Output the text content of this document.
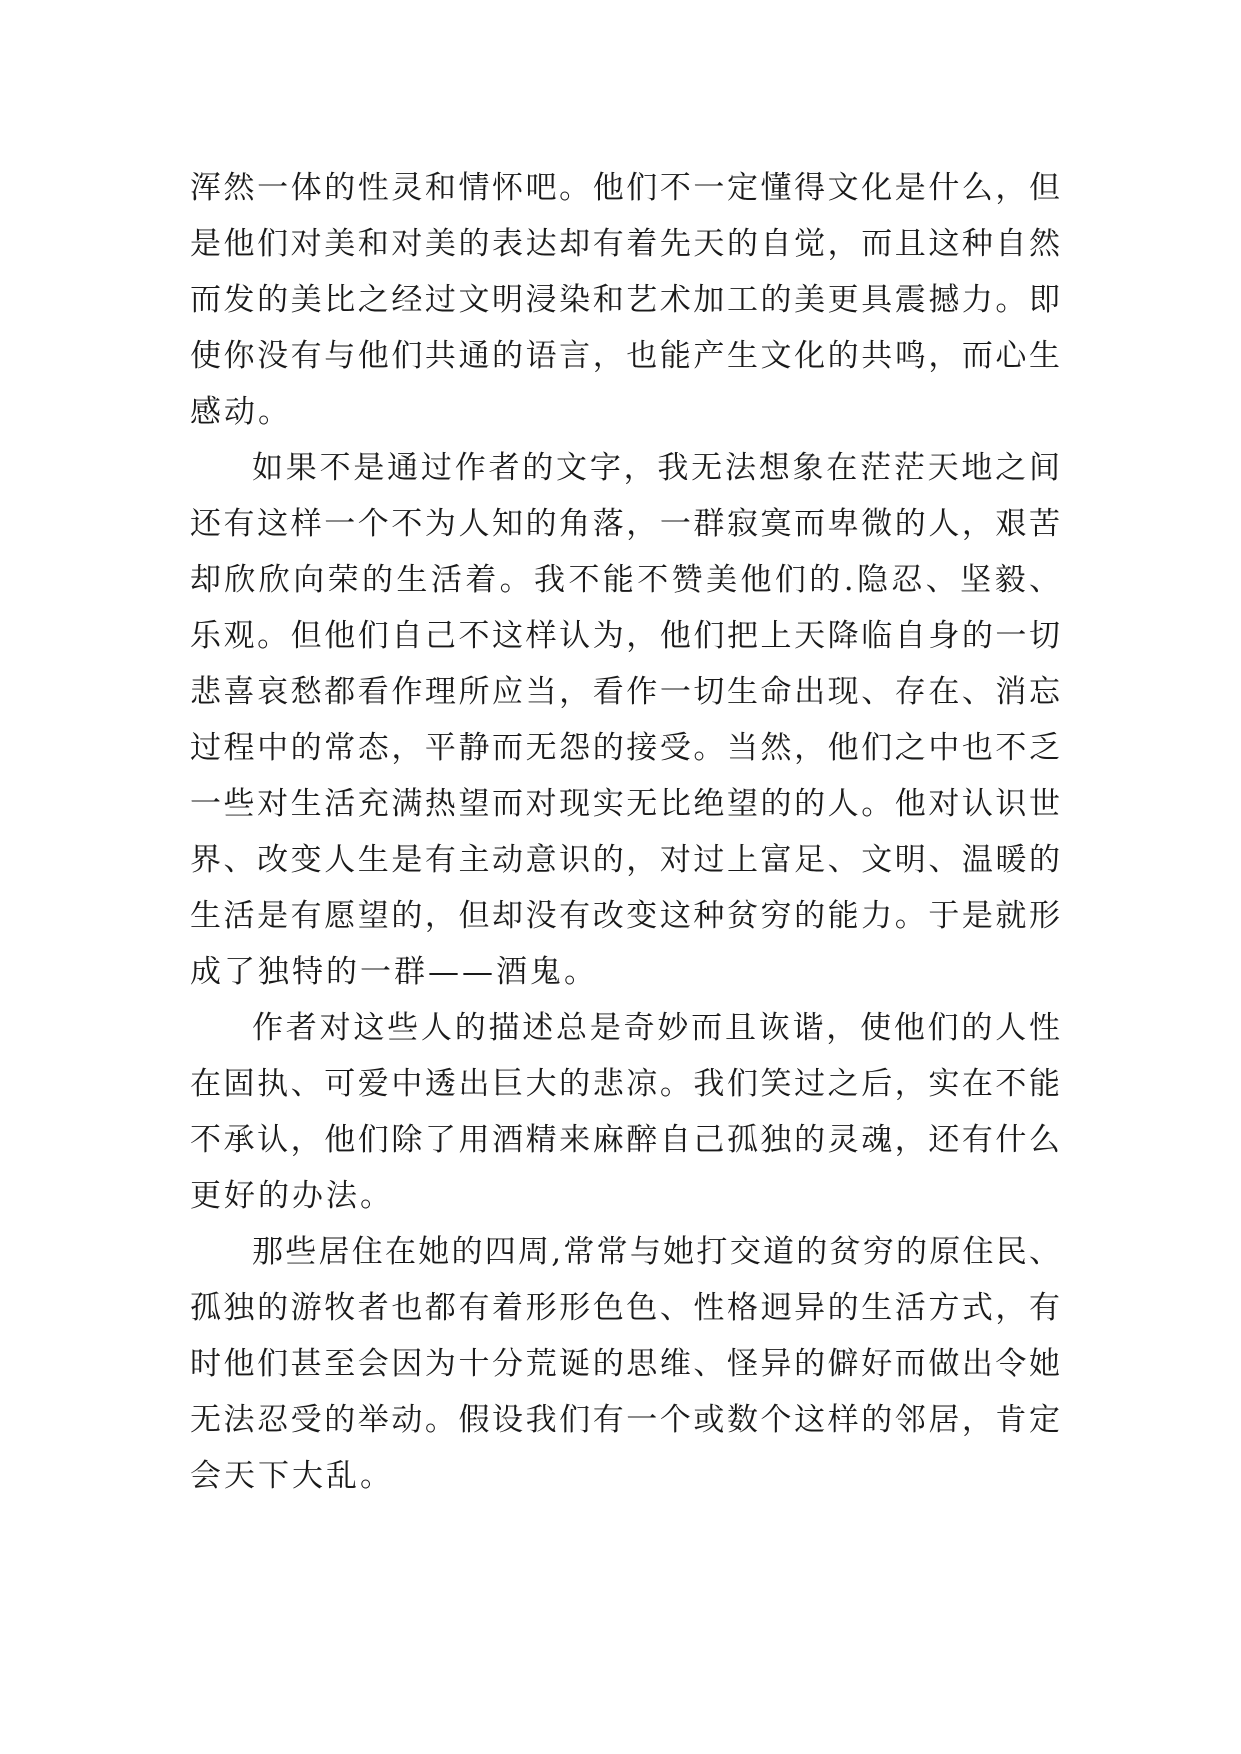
浑然一体的性灵和情怀吧。他们不一定懂得文化是什么，但
是他们对美和对美的表达却有着先天的自觉，而且这种自然
而发的美比之经过文明浸染和艺术加工的美更具震撼力。即
使你没有与他们共通的语言，也能产生文化的共鸣，而心生
感动。
如果不是通过作者的文字，我无法想象在茫茫天地之间
还有这样一个不为人知的角落，一群寂寞而卑微的人，艰苦
却欣欣向荣的生活着。我不能不赞美他们的.隐忍、坚毅、
乐观。但他们自己不这样认为，他们把上天降临自身的一切
悲喜哀愁都看作理所应当，看作一切生命出现、存在、消忘
过程中的常态，平静而无怨的接受。当然，他们之中也不乏
一些对生活充满热望而对现实无比绝望的的人。他对认识世
界、改变人生是有主动意识的，对过上富足、文明、温暖的
生活是有愿望的，但却没有改变这种贫穷的能力。于是就形
成了独特的一群——酒鬼。
作者对这些人的描述总是奇妙而且诙谐，使他们的人性
在固执、可爱中透出巨大的悲凉。我们笑过之后，实在不能
不承认，他们除了用酒精来麻醉自己孤独的灵魂，还有什么
更好的办法。
那些居住在她的四周,常常与她打交道的贫穷的原住民、
孤独的游牧者也都有着形形色色、性格迥异的生活方式，有
时他们甚至会因为十分荒诞的思维、怪异的僻好而做出令她
无法忍受的举动。假设我们有一个或数个这样的邻居，肯定
会天下大乱。
